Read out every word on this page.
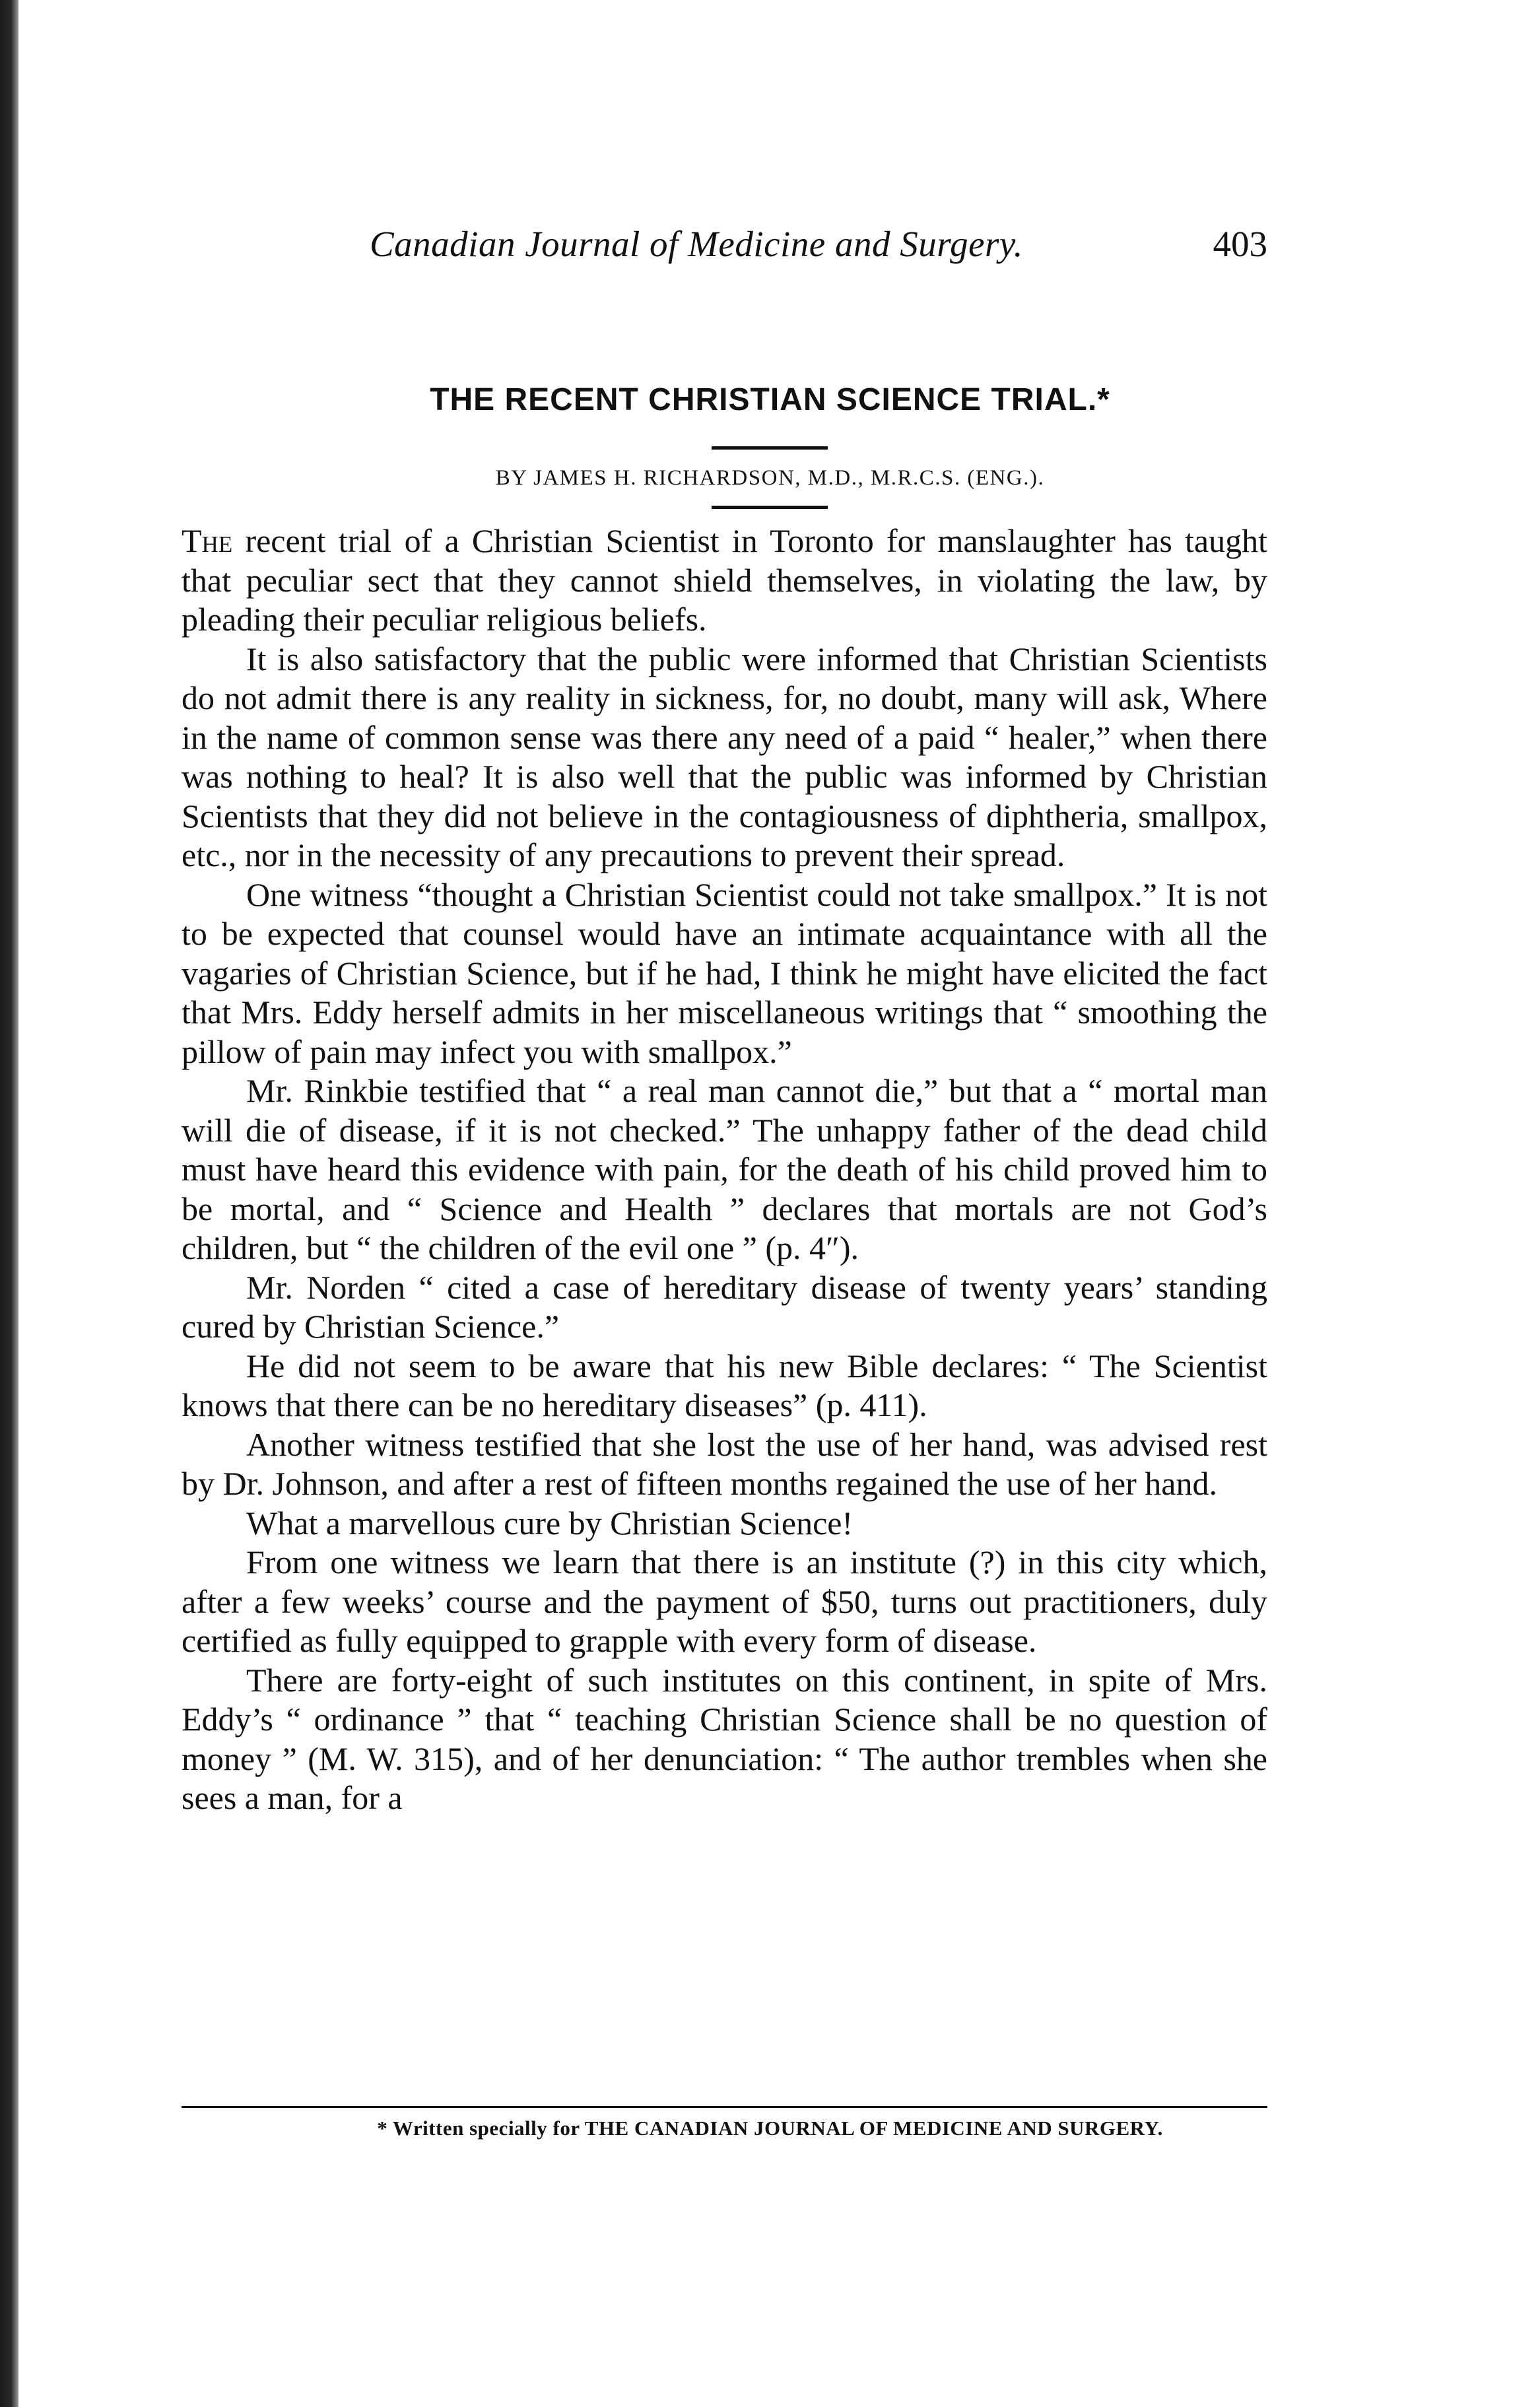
Canadian Journal of Medicine and Surgery.	403
THE RECENT CHRISTIAN SCIENCE TRIAL.*
BY JAMES H. RICHARDSON, M.D., M.R.C.S. (ENG.).

The recent trial of a Christian Scientist in Toronto for manslaughter has taught that peculiar sect that they cannot shield themselves, in violating the law, by pleading their peculiar religious beliefs.

It is also satisfactory that the public were informed that Christian Scientists do not admit there is any reality in sickness, for, no doubt, many will ask, Where in the name of common sense was there any need of a paid “ healer,” when there was nothing to heal? It is also well that the public was informed by Christian Scientists that they did not believe in the contagiousness of diphtheria, smallpox, etc., nor in the necessity of any precautions to prevent their spread.

One witness “thought a Christian Scientist could not take smallpox.” It is not to be expected that counsel would have an intimate acquaintance with all the vagaries of Christian Science, but if he had, I think he might have elicited the fact that Mrs. Eddy herself admits in her miscellaneous writings that “ smoothing the pillow of pain may infect you with smallpox.”

Mr. Rinkbie testified that “ a real man cannot die,” but that a “ mortal man will die of disease, if it is not checked.” The unhappy father of the dead child must have heard this evidence with pain, for the death of his child proved him to be mortal, and “ Science and Health ” declares that mortals are not God’s children, but “ the children of the evil one ” (p. 4″).

Mr. Norden “ cited a case of hereditary disease of twenty years’ standing cured by Christian Science.”

He did not seem to be aware that his new Bible declares: “ The Scientist knows that there can be no hereditary diseases” (p. 411).

Another witness testified that she lost the use of her hand, was advised rest by Dr. Johnson, and after a rest of fifteen months regained the use of her hand.

What a marvellous cure by Christian Science!

From one witness we learn that there is an institute (?) in this city which, after a few weeks’ course and the payment of $50, turns out practitioners, duly certified as fully equipped to grapple with every form of disease.

There are forty-eight of such institutes on this continent, in spite of Mrs. Eddy’s “ ordinance ” that “ teaching Christian Science shall be no question of money ” (M. W. 315), and of her denunciation: “ The author trembles when she sees a man, for a

* Written specially for THE CANADIAN JOURNAL OF MEDICINE AND SURGERY.
